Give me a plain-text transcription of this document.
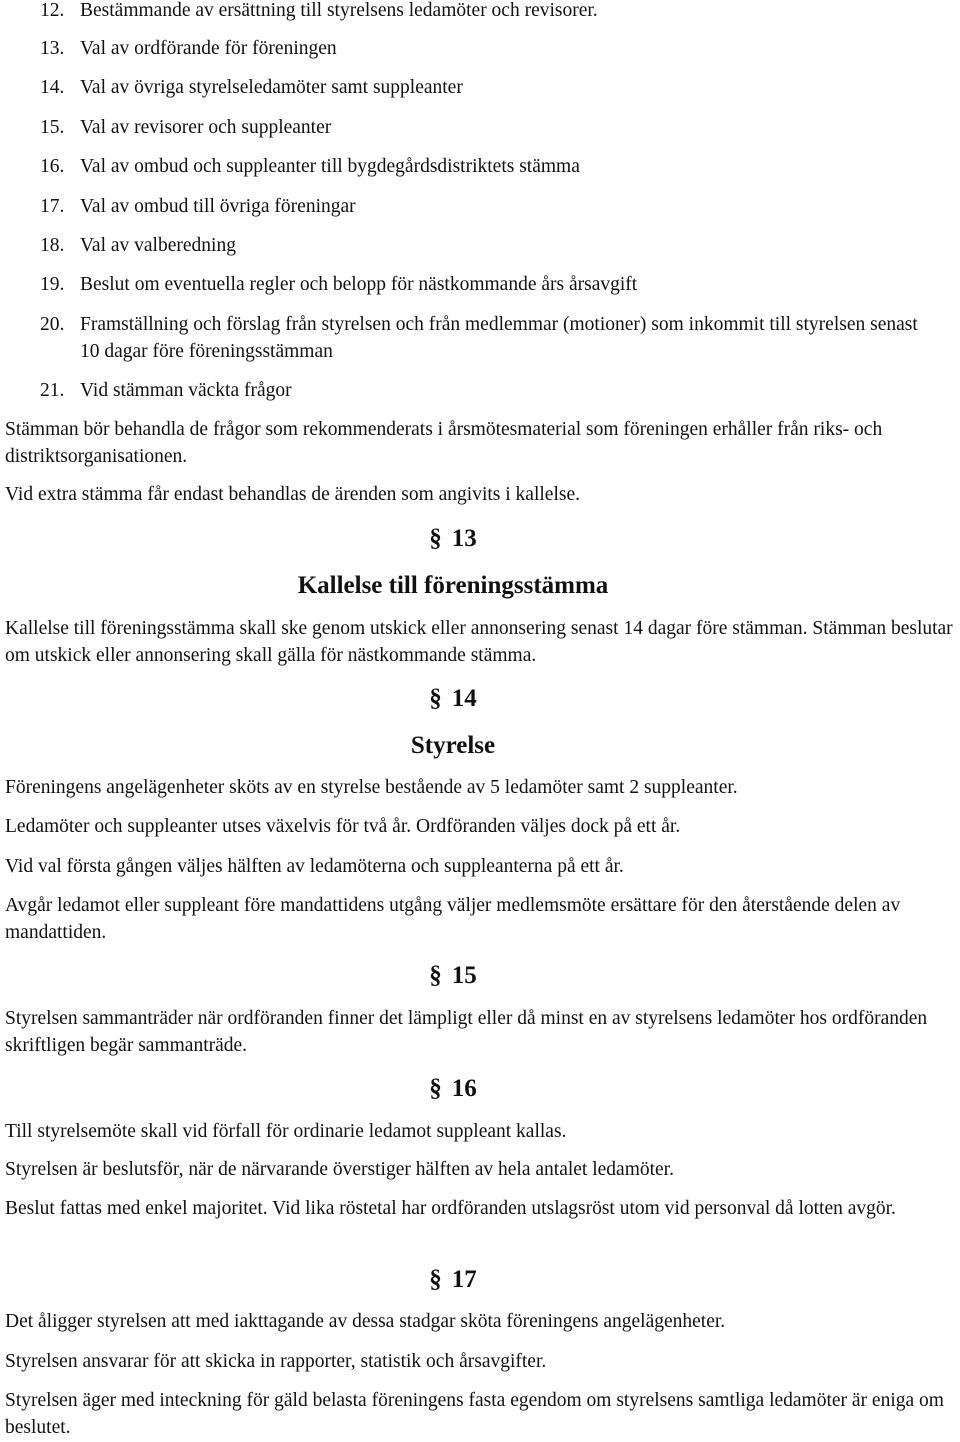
12. Bestämmande av ersättning till styrelsens ledamöter och revisorer.
13. Val av ordförande för föreningen
14. Val av övriga styrelseledamöter samt suppleanter
15. Val av revisorer och suppleanter
16. Val av ombud och suppleanter till bygdegårdsdistriktets stämma
17. Val av ombud till övriga föreningar
18. Val av valberedning
19. Beslut om eventuella regler och belopp för nästkommande års årsavgift
20. Framställning och förslag från styrelsen och från medlemmar (motioner) som inkommit till styrelsen senast 10 dagar före föreningsstämman
21. Vid stämman väckta frågor
Stämman bör behandla de frågor som rekommenderats i årsmötesmaterial som föreningen erhåller från riks- och distriktsorganisationen.
Vid extra stämma får endast behandlas de ärenden som angivits i kallelse.
§ 13
Kallelse till föreningsstämma
Kallelse till föreningsstämma skall ske genom utskick eller annonsering senast 14 dagar före stämman. Stämman beslutar om utskick eller annonsering skall gälla för nästkommande stämma.
§ 14
Styrelse
Föreningens angelägenheter sköts av en styrelse bestående av 5 ledamöter samt 2 suppleanter.
Ledamöter och suppleanter utses växelvis för två år. Ordföranden väljes dock på ett år.
Vid val första gången väljes hälften av ledamöterna och suppleanterna på ett år.
Avgår ledamot eller suppleant före mandattidens utgång väljer medlemsmöte ersättare för den återstående delen av mandattiden.
§ 15
Styrelsen sammanträder när ordföranden finner det lämpligt eller då minst en av styrelsens ledamöter hos ordföranden skriftligen begär sammanträde.
§ 16
Till styrelsemöte skall vid förfall för ordinarie ledamot suppleant kallas.
Styrelsen är beslutsför, när de närvarande överstiger hälften av hela antalet ledamöter.
Beslut fattas med enkel majoritet. Vid lika röstetal har ordföranden utslagsröst utom vid personval då lotten avgör.
§ 17
Det åligger styrelsen att med iakttagande av dessa stadgar sköta föreningens angelägenheter.
Styrelsen ansvarar för att skicka in rapporter, statistik och årsavgifter.
Styrelsen äger med inteckning för gäld belasta föreningens fasta egendom om styrelsens samtliga ledamöter är eniga om beslutet.
